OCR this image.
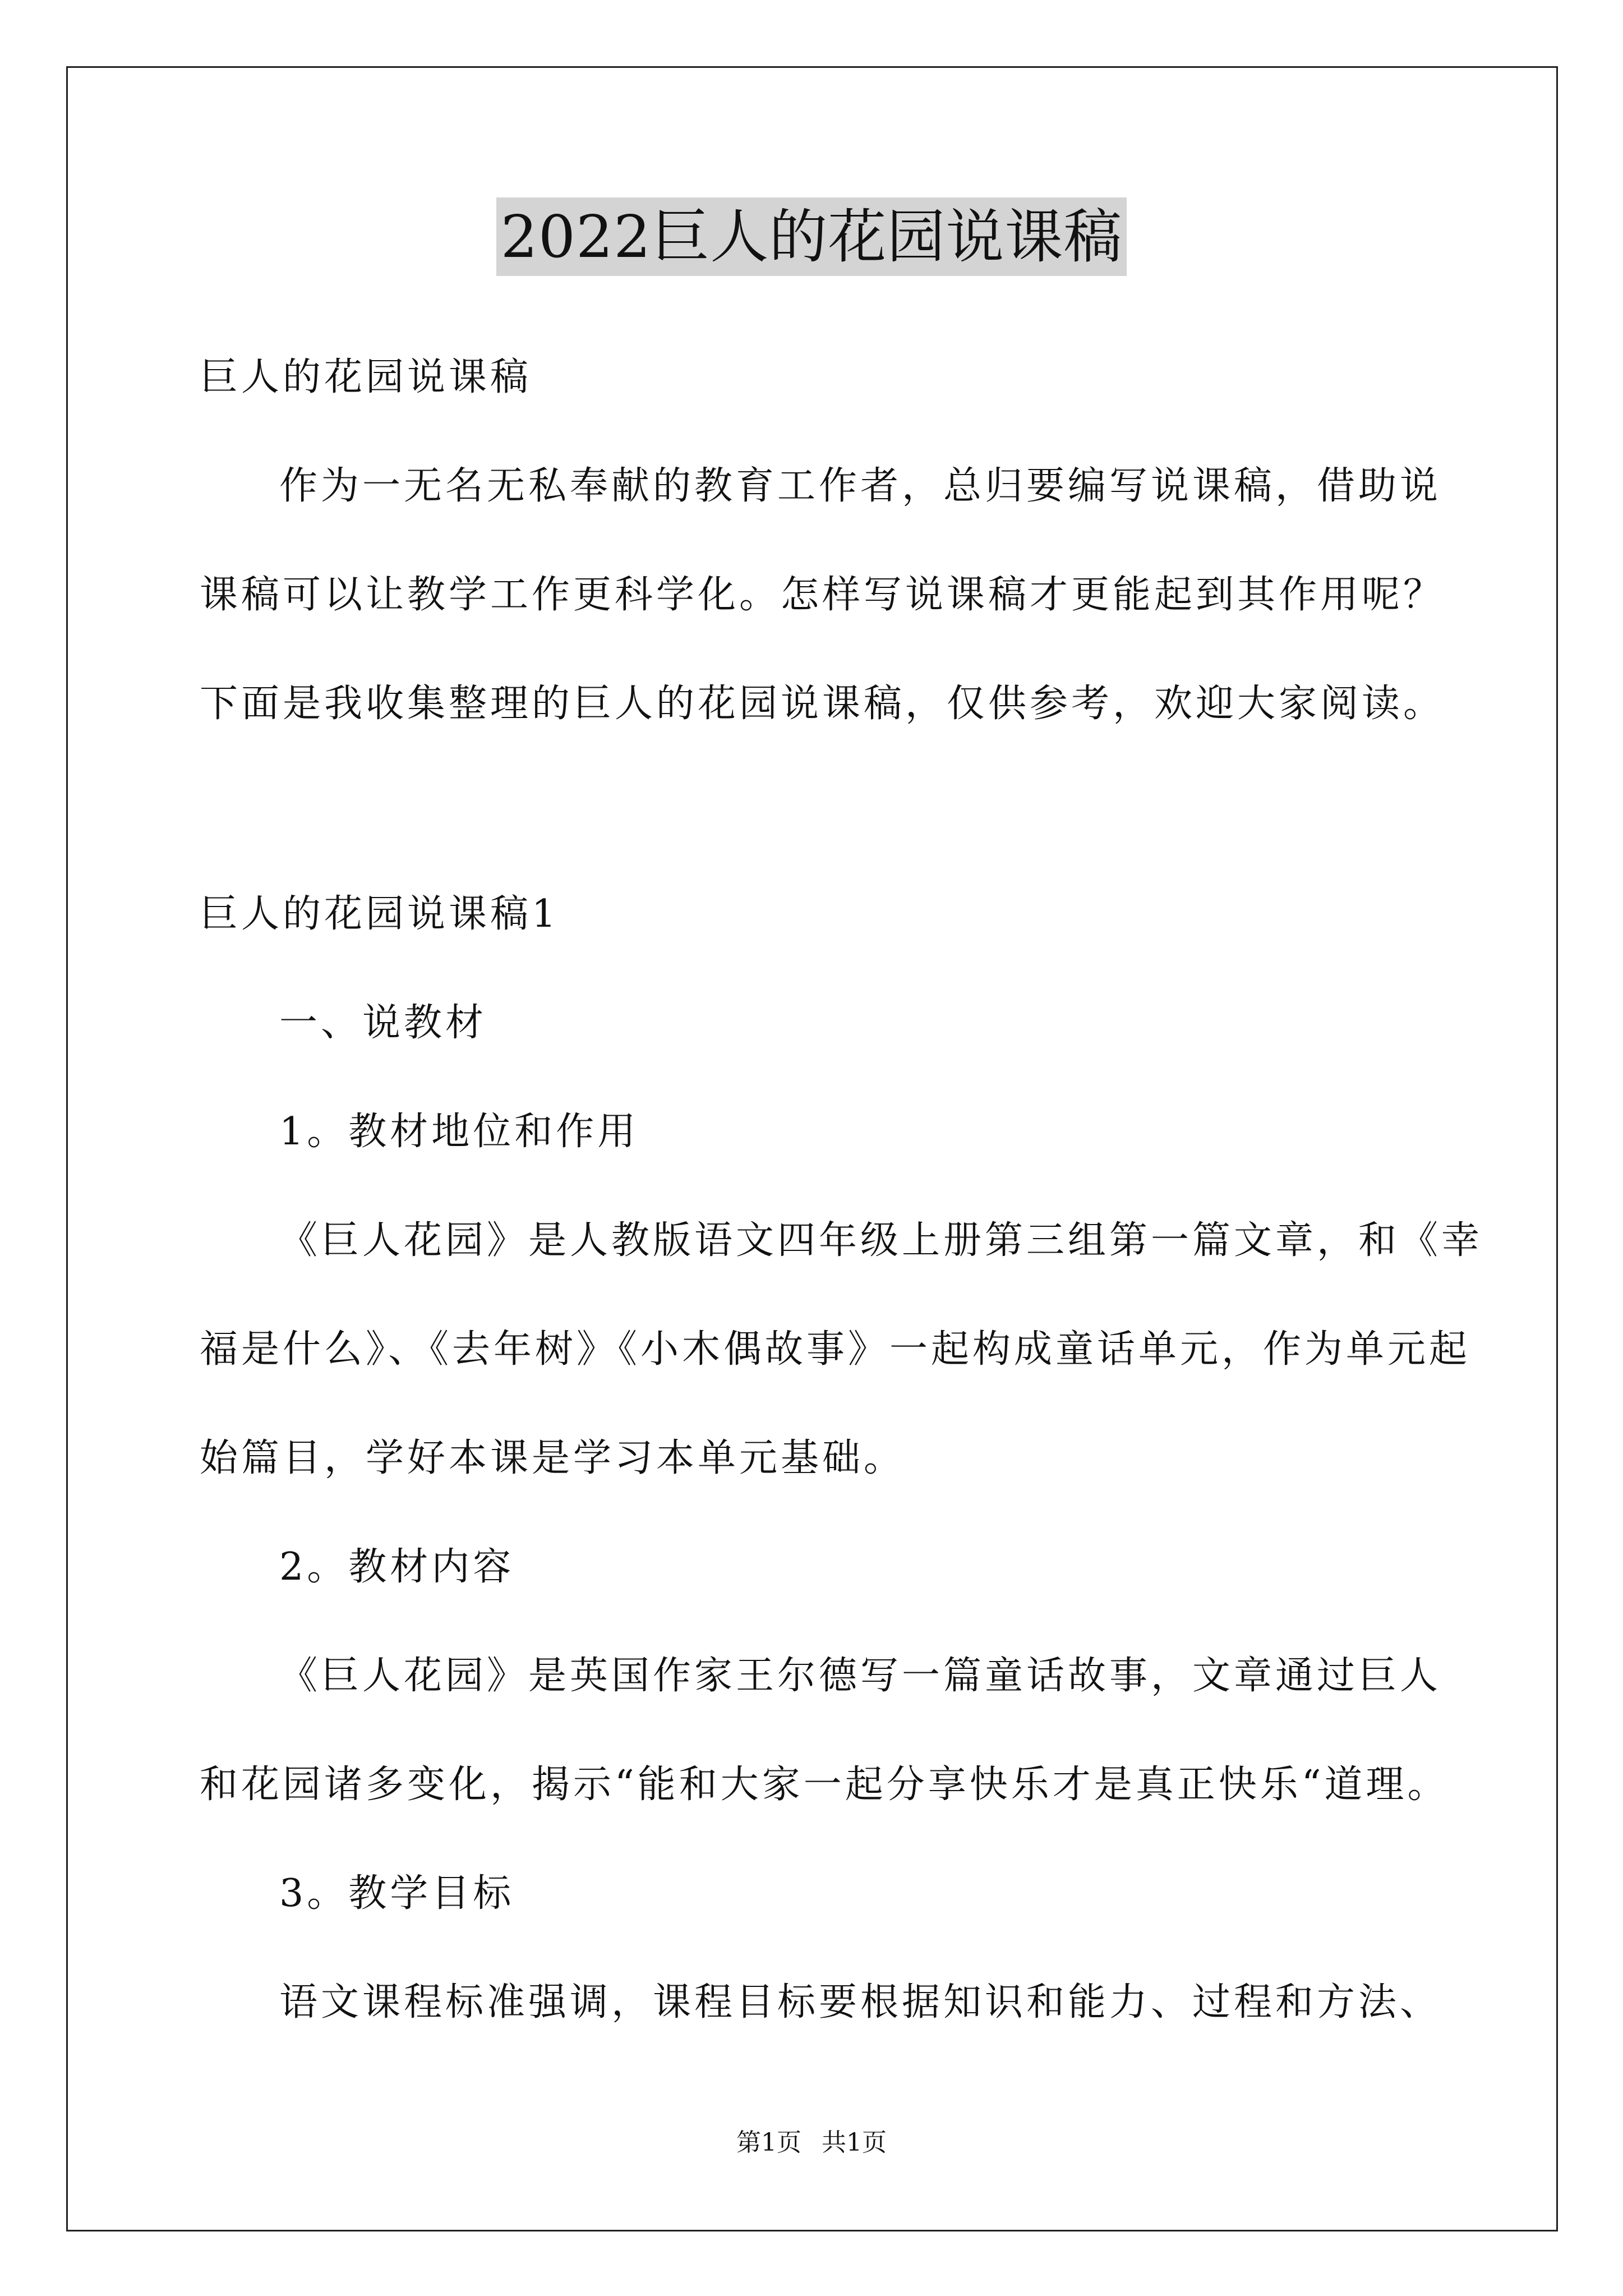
2022巨人的花园说课稿
巨人的花园说课稿
作为一无名无私奉献的教育工作者，总归要编写说课稿，借助说
课稿可以让教学工作更科学化。怎样写说课稿才更能起到其作用呢？
下面是我收集整理的巨人的花园说课稿，仅供参考，欢迎大家阅读。
巨人的花园说课稿1
一、说教材
1。教材地位和作用
《巨人花园》是人教版语文四年级上册第三组第一篇文章，和《幸
福是什么》、《去年树》《小木偶故事》一起构成童话单元，作为单元起
始篇目，学好本课是学习本单元基础。
2。教材内容
《巨人花园》是英国作家王尔德写一篇童话故事，文章通过巨人
和花园诸多变化，揭示“能和大家一起分享快乐才是真正快乐“道理。
3。教学目标
语文课程标准强调，课程目标要根据知识和能力、过程和方法、
第1页 共1页
